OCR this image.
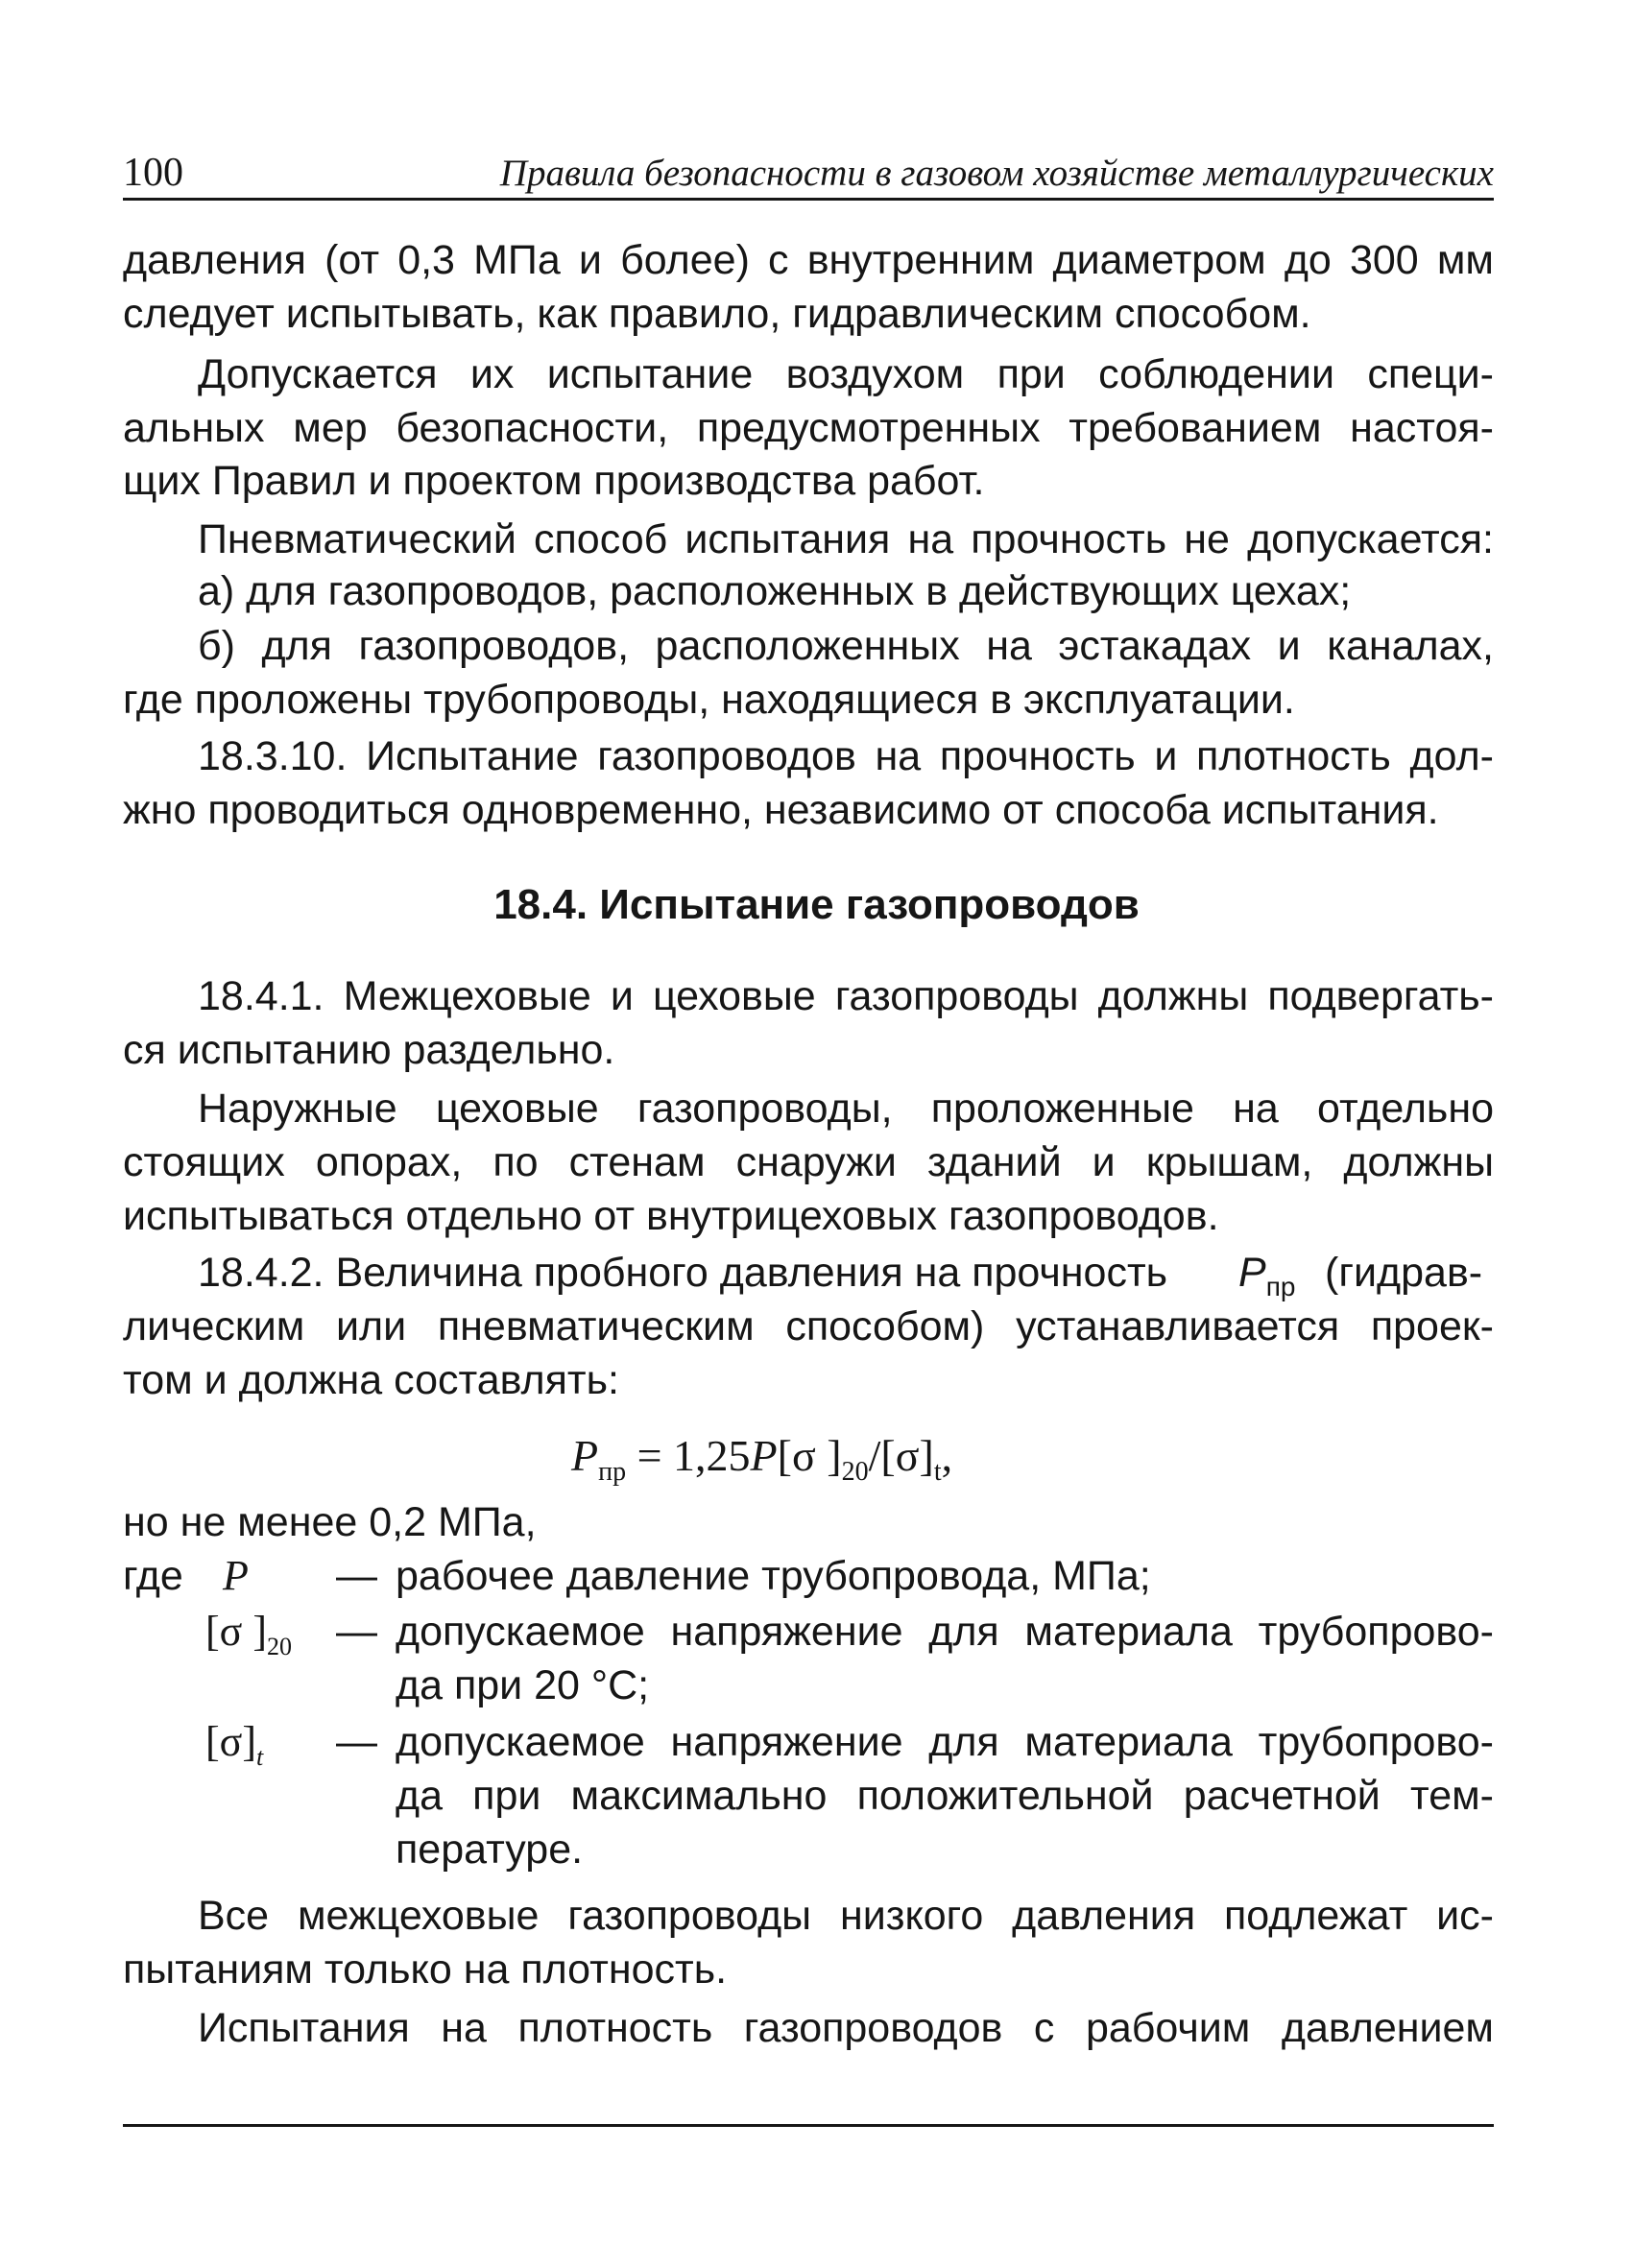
100	Правила безопасности в газовом хозяйстве металлургических
давления (от 0,3 МПа и более) с внутренним диаметром до 300 мм
следует испытывать, как правило, гидравлическим способом.
Допускается их испытание воздухом при соблюдении специ-
альных мер безопасности, предусмотренных требованием настоя-
щих Правил и проектом производства работ.
Пневматический способ испытания на прочность не допускается:
а) для газопроводов, расположенных в действующих цехах;
б) для газопроводов, расположенных на эстакадах и каналах,
где проложены трубопроводы, находящиеся в эксплуатации.
18.3.10. Испытание газопроводов на прочность и плотность дол-
жно проводиться одновременно, независимо от способа испытания.
18.4. Испытание газопроводов
18.4.1. Межцеховые и цеховые газопроводы должны подвергать-
ся испытанию раздельно.
Наружные цеховые газопроводы, проложенные на отдельно
стоящих опорах, по стенам снаружи зданий и крышам, должны
испытываться отдельно от внутрицеховых газопроводов.
18.4.2. Величина пробного давления на прочность $P_{пр}$ (гидрав-
лическим или пневматическим способом) устанавливается проек-
том и должна составлять:
$P_{пр} = 1,25P[\sigma$ ]$_{20}/[\sigma]_t$,
но не менее 0,2 МПа,
где P — рабочее давление трубопровода, МПа;
[σ ]$_{20}$ — допускаемое напряжение для материала трубопрово-
да при 20 °С;
$[\sigma]_t$ — допускаемое напряжение для материала трубопрово-
да при максимально положительной расчетной тем-
пературе.
Все межцеховые газопроводы низкого давления подлежат ис-
пытаниям только на плотность.
Испытания на плотность газопроводов с рабочим давлением
